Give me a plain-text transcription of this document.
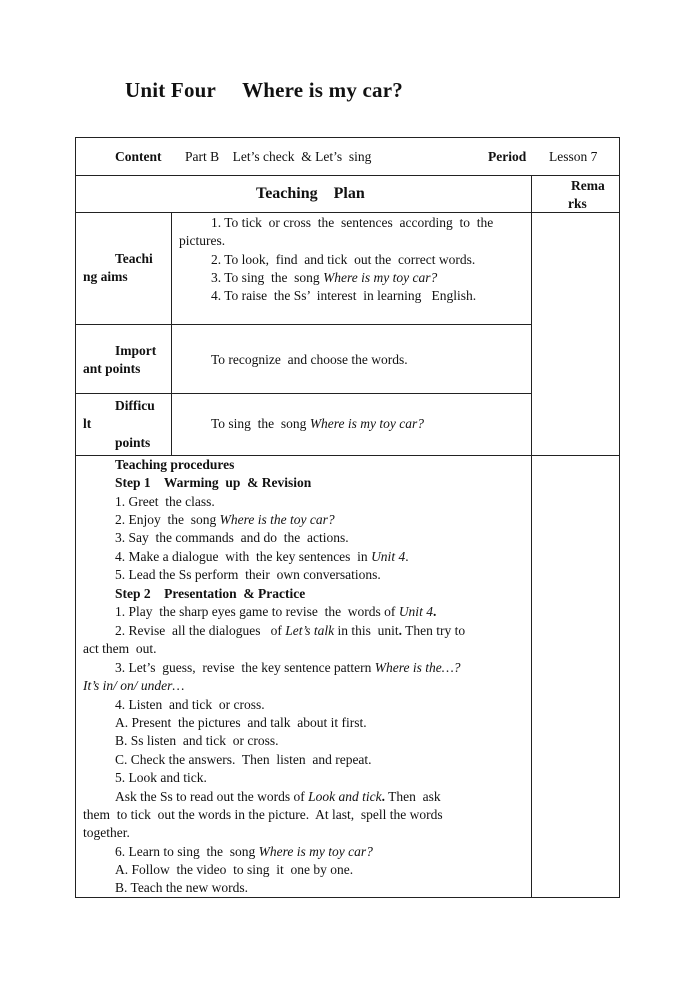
Unit Four Where is my car?
Content Part B    Let’s check  & Let’s  sing	Period Lesson 7
Teaching    Plan	Rema
rks
Teachi
ng aims
1. To tick  or cross  the  sentences  according  to  the
pictures.
2. To look,  find  and tick  out the  correct words.
3. To sing  the  song Where is my toy car?
4. To raise  the Ss’  interest  in learning   English.
Import
ant points
To recognize  and choose the words.
Difficu
lt
points
To sing  the  song Where is my toy car?
Teaching procedures
Step 1    Warming  up  & Revision
1. Greet  the class.
2. Enjoy  the  song Where is the toy car?
3. Say  the commands  and do  the  actions.
4. Make a dialogue  with  the key sentences  in Unit 4.
5. Lead the Ss perform  their  own conversations.
Step 2    Presentation  & Practice
1. Play  the sharp eyes game to revise  the  words of Unit 4.
2. Revise  all the dialogues   of Let’s talk in this  unit. Then try to
act them  out.
3. Let’s  guess,  revise  the key sentence pattern Where is the…?
It’s in/ on/ under…
4. Listen  and tick  or cross.
A. Present  the pictures  and talk  about it first.
B. Ss listen  and tick  or cross.
C. Check the answers.  Then  listen  and repeat.
5. Look and tick.
Ask the Ss to read out the words of Look and tick. Then  ask
them  to tick  out the words in the picture.  At last,  spell the words
together.
6. Learn to sing  the  song Where is my toy car?
A. Follow  the video  to sing  it  one by one.
B. Teach the new words.
